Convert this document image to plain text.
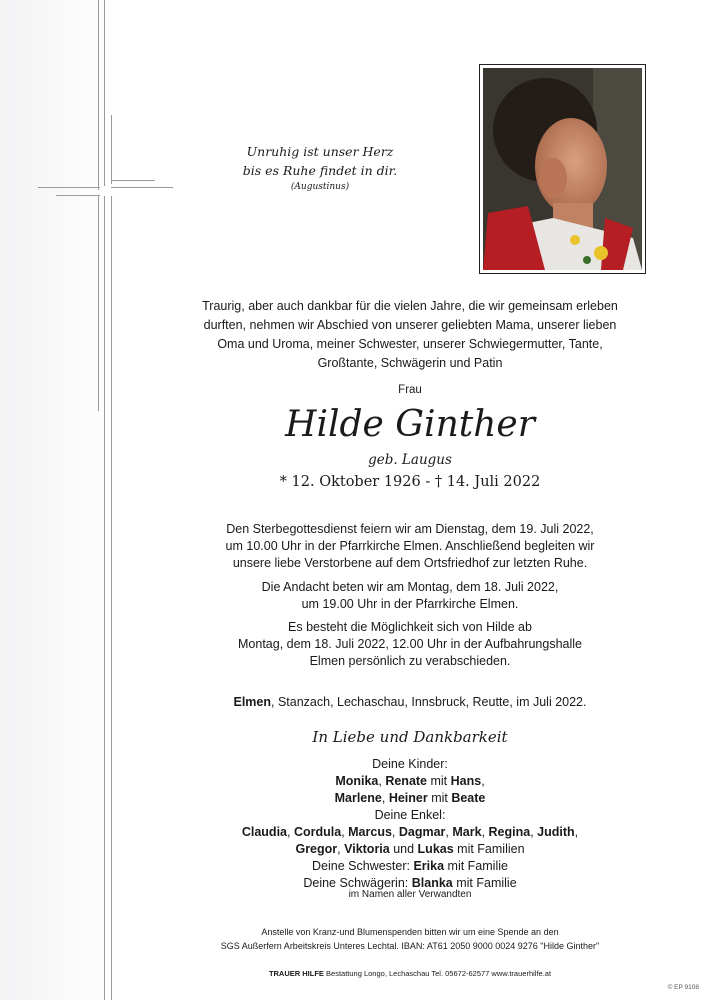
Unruhig ist unser Herz
bis es Ruhe findet in dir.
(Augustinus)
Traurig, aber auch dankbar für die vielen Jahre, die wir gemeinsam erleben
durften, nehmen wir Abschied von unserer geliebten Mama, unserer lieben
Oma und Uroma, meiner Schwester, unserer Schwiegermutter, Tante,
Großtante, Schwägerin und Patin
Frau
Hilde Ginther
geb. Laugus
* 12. Oktober 1926 - † 14. Juli 2022
Den Sterbegottesdienst feiern wir am Dienstag, dem 19. Juli 2022,
um 10.00 Uhr in der Pfarrkirche Elmen. Anschließend begleiten wir
unsere liebe Verstorbene auf dem Ortsfriedhof zur letzten Ruhe.
Die Andacht beten wir am Montag, dem 18. Juli 2022,
um 19.00 Uhr in der Pfarrkirche Elmen.
Es besteht die Möglichkeit sich von Hilde ab
Montag, dem 18. Juli 2022, 12.00 Uhr in der Aufbahrungshalle
Elmen persönlich zu verabschieden.
Elmen, Stanzach, Lechaschau, Innsbruck, Reutte, im Juli 2022.
In Liebe und Dankbarkeit
Deine Kinder:
Monika, Renate mit Hans,
Marlene, Heiner mit Beate
Deine Enkel:
Claudia, Cordula, Marcus, Dagmar, Mark, Regina, Judith,
Gregor, Viktoria und Lukas mit Familien
Deine Schwester: Erika mit Familie
Deine Schwägerin: Blanka mit Familie
im Namen aller Verwandten
Anstelle von Kranz-und Blumenspenden bitten wir um eine Spende an den
SGS Außerfern Arbeitskreis Unteres Lechtal. IBAN: AT61 2050 9000 0024 9276 "Hilde Ginther"
TRAUER HILFE Bestattung Longo, Lechaschau Tel. 05672-62577 www.trauerhilfe.at
© EP 9108
